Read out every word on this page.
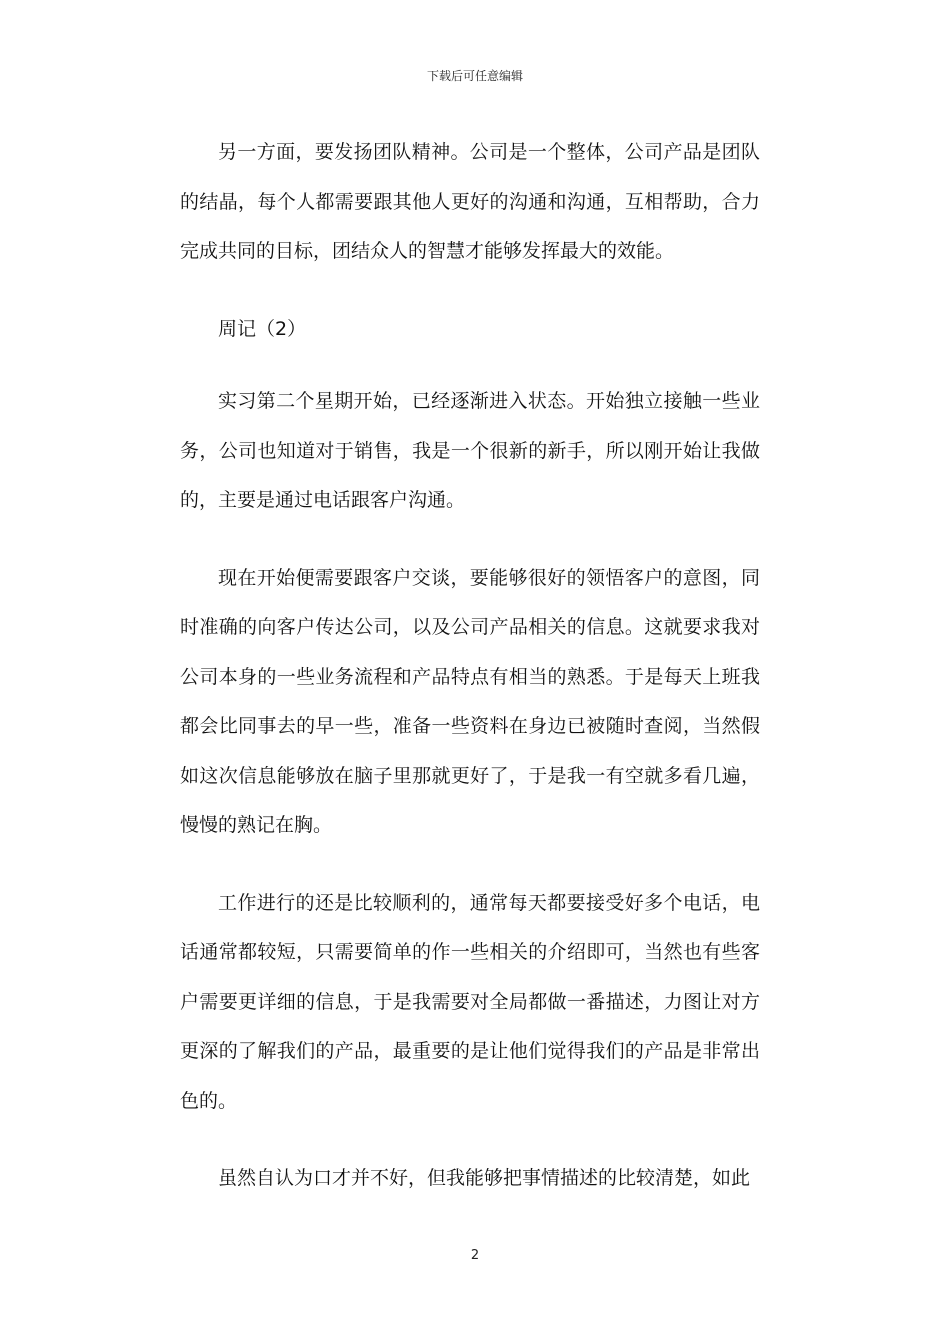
下载后可任意编辑

另一方面，要发扬团队精神。公司是一个整体，公司产品是团队的结晶，每个人都需要跟其他人更好的沟通和沟通，互相帮助，合力完成共同的目标，团结众人的智慧才能够发挥最大的效能。

周记（2）

实习第二个星期开始，已经逐渐进入状态。开始独立接触一些业务，公司也知道对于销售，我是一个很新的新手，所以刚开始让我做的，主要是通过电话跟客户沟通。

现在开始便需要跟客户交谈，要能够很好的领悟客户的意图，同时准确的向客户传达公司，以及公司产品相关的信息。这就要求我对公司本身的一些业务流程和产品特点有相当的熟悉。于是每天上班我都会比同事去的早一些，准备一些资料在身边已被随时查阅，当然假如这次信息能够放在脑子里那就更好了，于是我一有空就多看几遍，慢慢的熟记在胸。

工作进行的还是比较顺利的，通常每天都要接受好多个电话，电话通常都较短，只需要简单的作一些相关的介绍即可，当然也有些客户需要更详细的信息，于是我需要对全局都做一番描述，力图让对方更深的了解我们的产品，最重要的是让他们觉得我们的产品是非常出色的。

虽然自认为口才并不好，但我能够把事情描述的比较清楚，如此

2
